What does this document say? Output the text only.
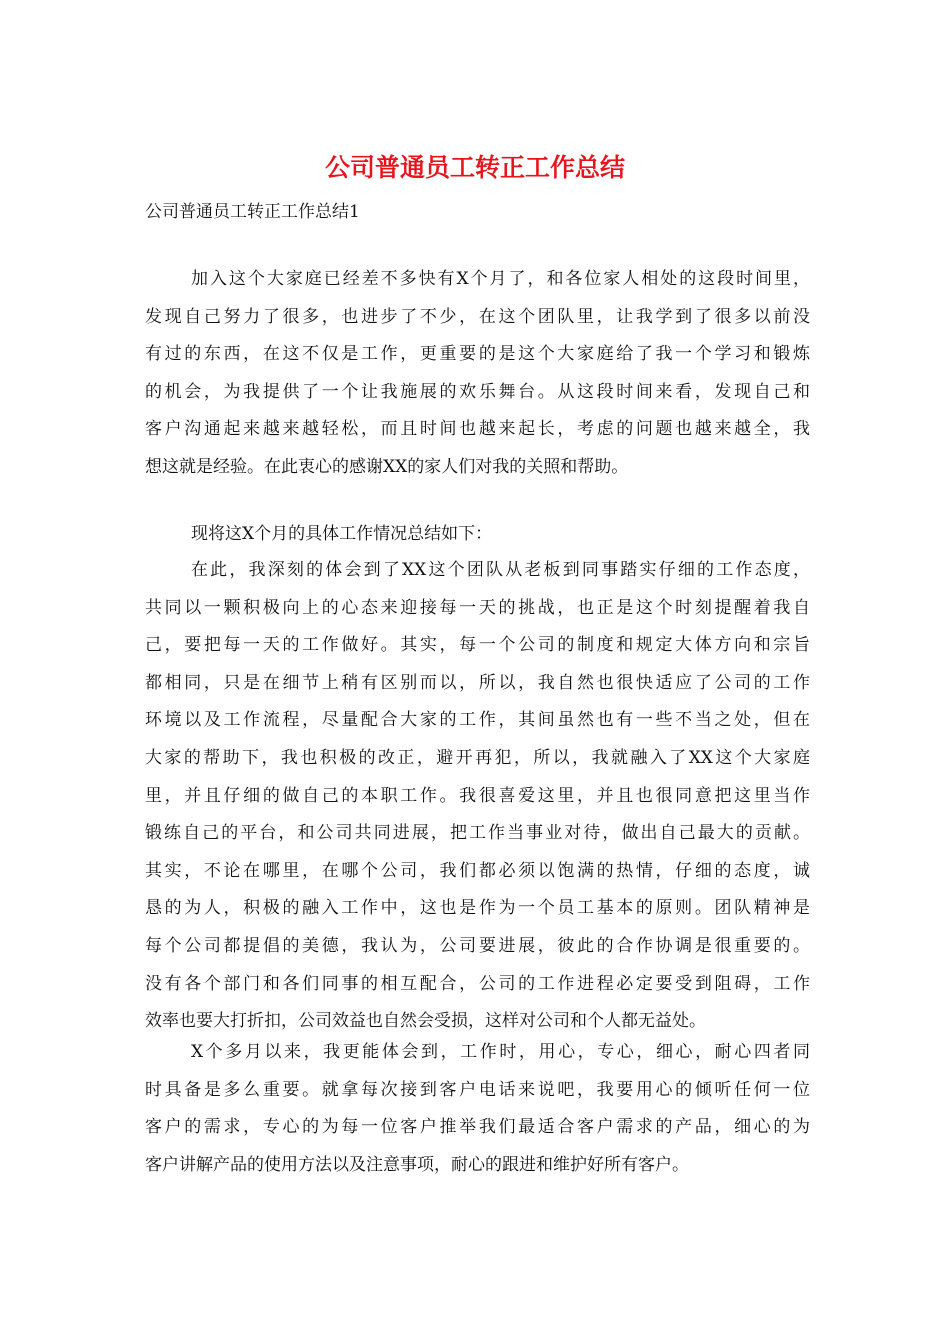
公司普通员工转正工作总结
公司普通员工转正工作总结1
加入这个大家庭已经差不多快有X个月了，和各位家人相处的这段时间里，
发现自己努力了很多，也进步了不少，在这个团队里，让我学到了很多以前没
有过的东西，在这不仅是工作，更重要的是这个大家庭给了我一个学习和锻炼
的机会，为我提供了一个让我施展的欢乐舞台。从这段时间来看，发现自己和
客户沟通起来越来越轻松，而且时间也越来起长，考虑的问题也越来越全，我
想这就是经验。在此衷心的感谢XX的家人们对我的关照和帮助。
现将这X个月的具体工作情况总结如下：
在此，我深刻的体会到了XX这个团队从老板到同事踏实仔细的工作态度，
共同以一颗积极向上的心态来迎接每一天的挑战，也正是这个时刻提醒着我自
己，要把每一天的工作做好。其实，每一个公司的制度和规定大体方向和宗旨
都相同，只是在细节上稍有区别而以，所以，我自然也很快适应了公司的工作
环境以及工作流程，尽量配合大家的工作，其间虽然也有一些不当之处，但在
大家的帮助下，我也积极的改正，避开再犯，所以，我就融入了XX这个大家庭
里，并且仔细的做自己的本职工作。我很喜爱这里，并且也很同意把这里当作
锻练自己的平台，和公司共同进展，把工作当事业对待，做出自己最大的贡献。
其实，不论在哪里，在哪个公司，我们都必须以饱满的热情，仔细的态度，诚
恳的为人，积极的融入工作中，这也是作为一个员工基本的原则。团队精神是
每个公司都提倡的美德，我认为，公司要进展，彼此的合作协调是很重要的。
没有各个部门和各们同事的相互配合，公司的工作进程必定要受到阻碍，工作
效率也要大打折扣，公司效益也自然会受损，这样对公司和个人都无益处。
X个多月以来，我更能体会到，工作时，用心，专心，细心，耐心四者同
时具备是多么重要。就拿每次接到客户电话来说吧，我要用心的倾听任何一位
客户的需求，专心的为每一位客户推举我们最适合客户需求的产品，细心的为
客户讲解产品的使用方法以及注意事项，耐心的跟进和维护好所有客户。
